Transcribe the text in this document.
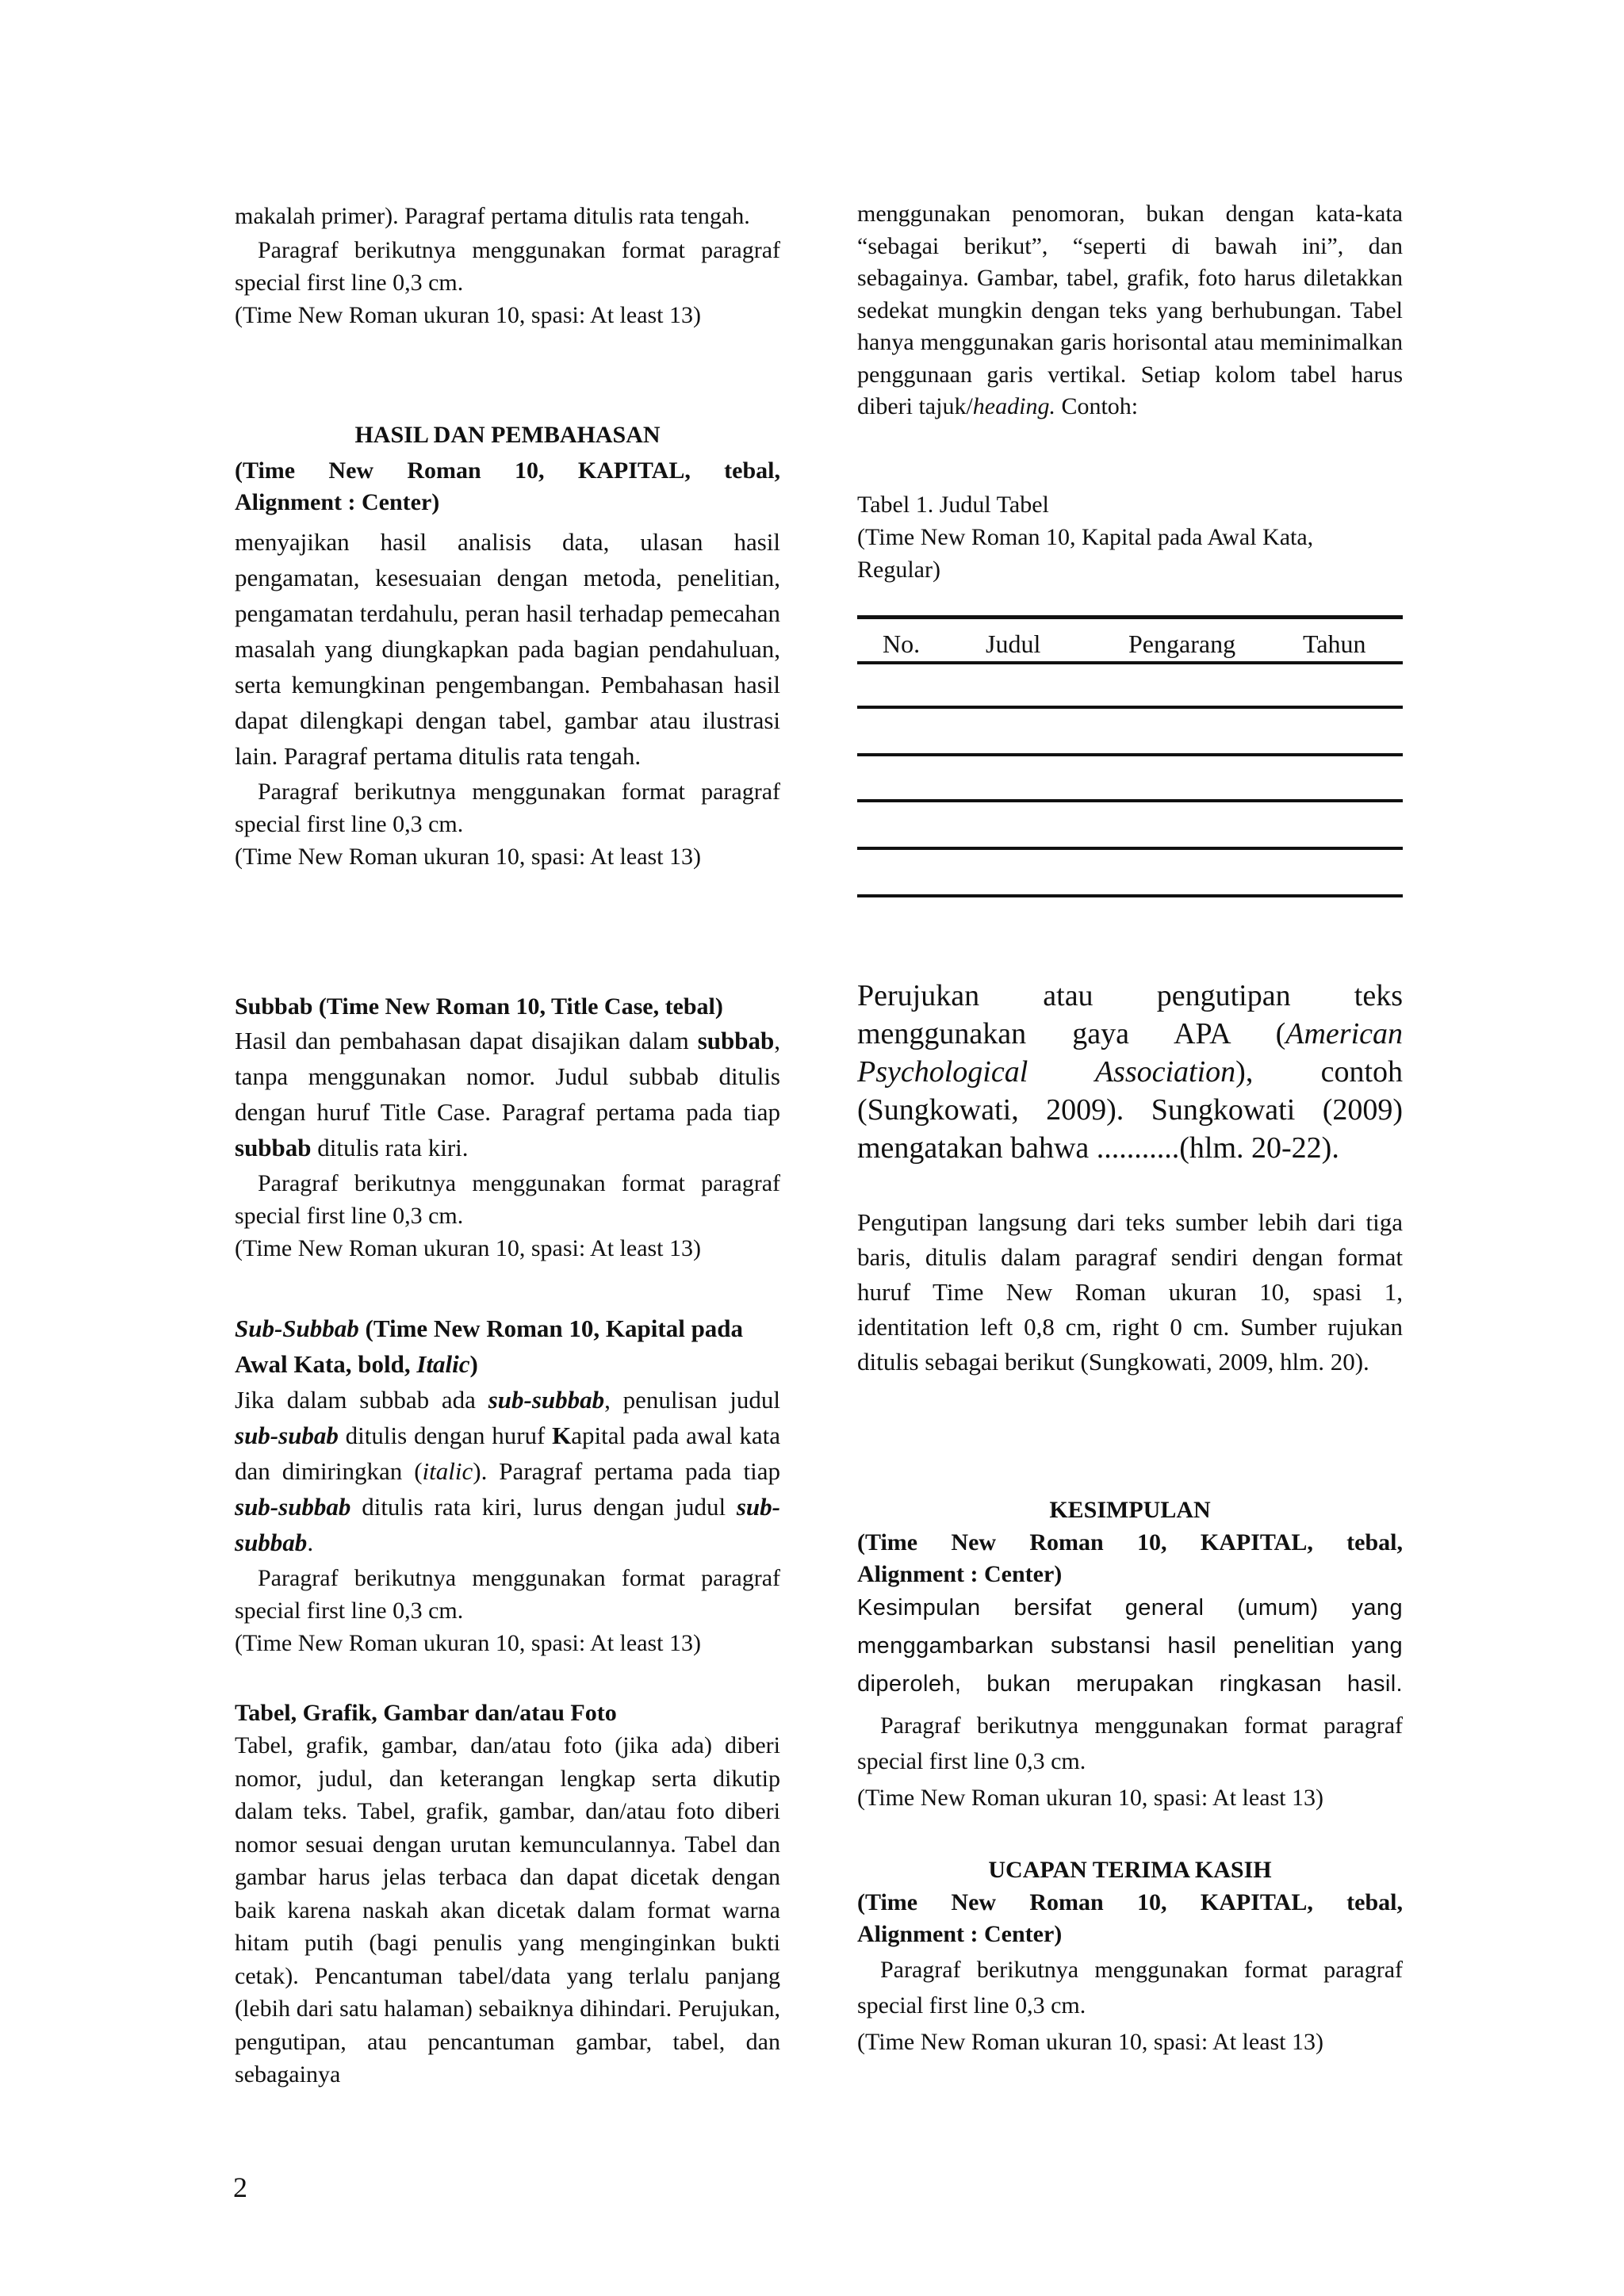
makalah primer). Paragraf pertama ditulis rata tengah.

Paragraf berikutnya menggunakan format paragraf special first line 0,3 cm.

(Time New Roman ukuran 10, spasi: At least 13)

HASIL DAN PEMBAHASAN

(Time New Roman 10, KAPITAL, tebal,

Alignment : Center)

menyajikan hasil analisis data, ulasan hasil pengamatan, kesesuaian dengan metoda, penelitian, pengamatan terdahulu, peran hasil terhadap pemecahan masalah yang diungkapkan pada bagian pendahuluan, serta kemungkinan pengembangan. Pembahasan hasil dapat dilengkapi dengan tabel, gambar atau ilustrasi lain. Paragraf pertama ditulis rata tengah.

Paragraf berikutnya menggunakan format paragraf special first line 0,3 cm.

(Time New Roman ukuran 10, spasi: At least 13)

Subbab (Time New Roman 10, Title Case, tebal)

Hasil dan pembahasan dapat disajikan dalam subbab, tanpa menggunakan nomor. Judul subbab ditulis dengan huruf Title Case. Paragraf pertama pada tiap subbab ditulis rata kiri.

Paragraf berikutnya menggunakan format paragraf special first line 0,3 cm.

(Time New Roman ukuran 10, spasi: At least 13)

Sub-Subbab (Time New Roman 10, Kapital pada Awal Kata, bold, Italic)

Jika dalam subbab ada sub-subbab, penulisan judul sub-subab ditulis dengan huruf Kapital pada awal kata dan dimiringkan (italic). Paragraf pertama pada tiap sub-subbab ditulis rata kiri, lurus dengan judul sub-subbab.

Paragraf berikutnya menggunakan format paragraf special first line 0,3 cm.

(Time New Roman ukuran 10, spasi: At least 13)

Tabel, Grafik, Gambar dan/atau Foto

Tabel, grafik, gambar, dan/atau foto (jika ada) diberi nomor, judul, dan keterangan lengkap serta dikutip dalam teks. Tabel, grafik, gambar, dan/atau foto diberi nomor sesuai dengan urutan kemunculannya. Tabel dan gambar harus jelas terbaca dan dapat dicetak dengan baik karena naskah akan dicetak dalam format warna hitam putih (bagi penulis yang menginginkan bukti cetak). Pencantuman tabel/data yang terlalu panjang (lebih dari satu halaman) sebaiknya dihindari. Perujukan, pengutipan, atau pencantuman gambar, tabel, dan sebagainya

menggunakan penomoran, bukan dengan kata-kata “sebagai berikut”, “seperti di bawah ini”, dan sebagainya. Gambar, tabel, grafik, foto harus diletakkan sedekat mungkin dengan teks yang berhubungan. Tabel hanya menggunakan garis horisontal atau meminimalkan penggunaan garis vertikal. Setiap kolom tabel harus diberi tajuk/heading. Contoh:

Tabel 1. Judul Tabel

(Time New Roman 10, Kapital pada Awal Kata, Regular)

No.	Judul	Pengarang	Tahun

Perujukan atau pengutipan teks menggunakan gaya APA (American Psychological Association), contoh (Sungkowati, 2009). Sungkowati (2009) mengatakan bahwa ...........(hlm. 20-22).

Pengutipan langsung dari teks sumber lebih dari tiga baris, ditulis dalam paragraf sendiri dengan format huruf Time New Roman ukuran 10, spasi 1, identitation left 0,8 cm, right 0 cm. Sumber rujukan ditulis sebagai berikut (Sungkowati, 2009, hlm. 20).

KESIMPULAN

(Time New Roman 10, KAPITAL, tebal,

Alignment : Center)

Kesimpulan bersifat general (umum) yang menggambarkan substansi hasil penelitian yang diperoleh, bukan merupakan ringkasan hasil.

Paragraf berikutnya menggunakan format paragraf special first line 0,3 cm.

(Time New Roman ukuran 10, spasi: At least 13)

UCAPAN TERIMA KASIH

(Time New Roman 10, KAPITAL, tebal,

Alignment : Center)

Paragraf berikutnya menggunakan format paragraf special first line 0,3 cm.

(Time New Roman ukuran 10, spasi: At least 13)

2
